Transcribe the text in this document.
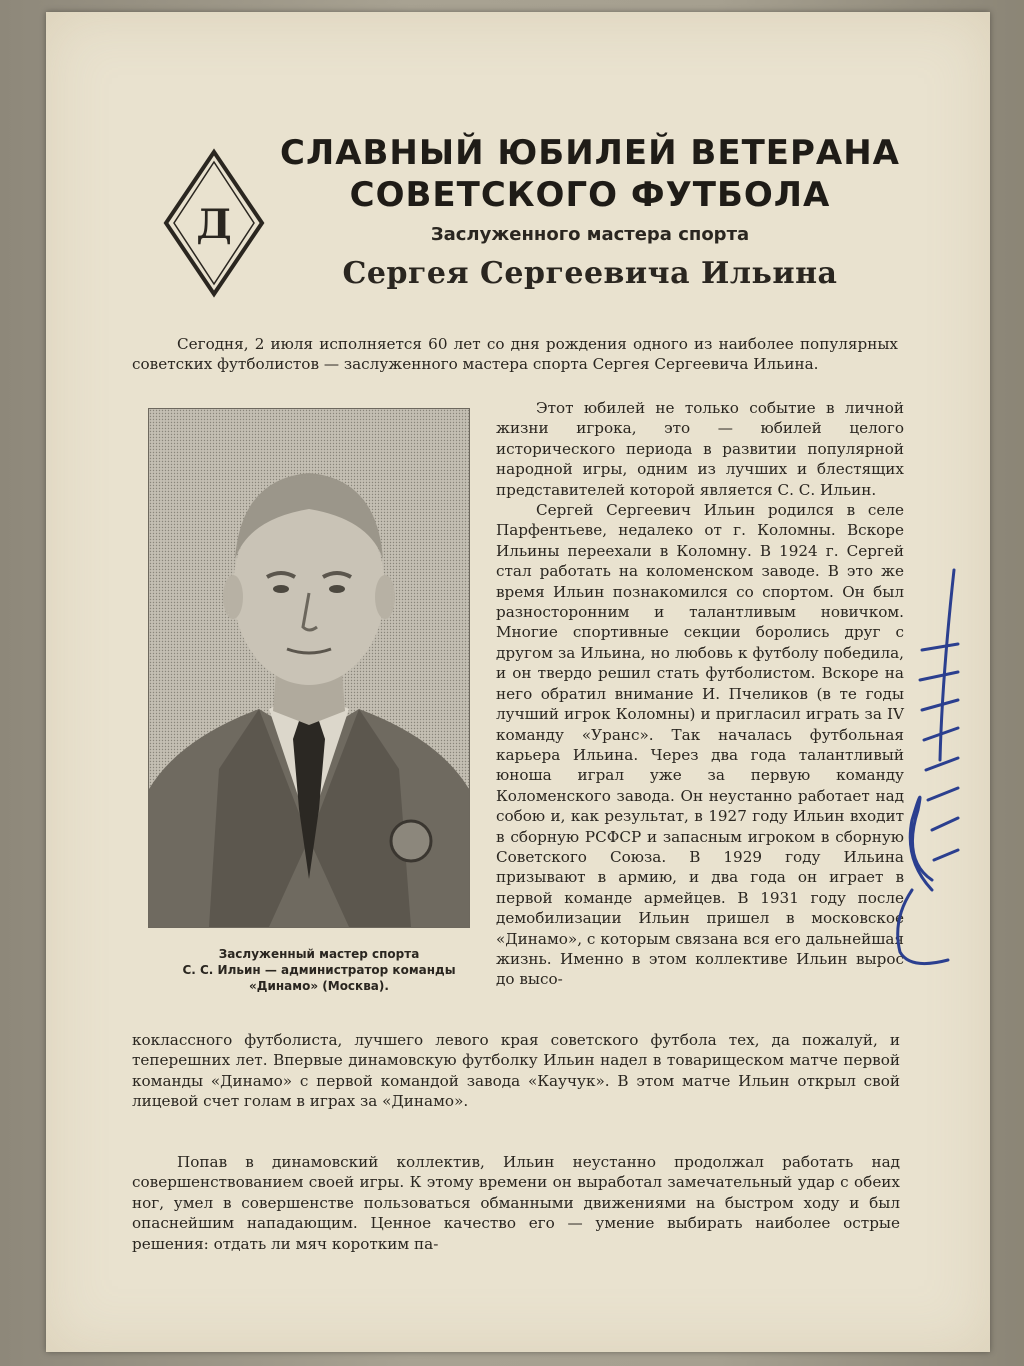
Д
СЛАВНЫЙ ЮБИЛЕЙ ВЕТЕРАНА
СОВЕТСКОГО ФУТБОЛА

Заслуженного мастера спорта

Сергея Сергеевича Ильина

Сегодня, 2 июля исполняется 60 лет со дня рождения одного из наиболее популярных советских футболистов — заслуженного мастера спорта Сергея Сергеевича Ильина.

Заслуженный мастер спорта
С. С. Ильин — администратор команды
«Динамо» (Москва).

Этот юбилей не только событие в личной жизни игрока, это — юбилей целого исторического периода в развитии популярной народной игры, одним из лучших и блестящих представителей которой является С. С. Ильин.

Сергей Сергеевич Ильин родился в селе Парфентьеве, недалеко от г. Коломны. Вскоре Ильины переехали в Коломну. В 1924 г. Сергей стал работать на коломенском заводе. В это же время Ильин познакомился со спортом. Он был разносторонним и талантливым новичком. Многие спортивные секции боролись друг с другом за Ильина, но любовь к футболу победила, и он твердо решил стать футболистом. Вскоре на него обратил внимание И. Пчеликов (в те годы лучший игрок Коломны) и пригласил играть за IV команду «Уранс». Так началась футбольная карьера Ильина. Через два года талантливый юноша играл уже за первую команду Коломенского завода. Он неустанно работает над собою и, как результат, в 1927 году Ильин входит в сборную РСФСР и запасным игроком в сборную Советского Союза. В 1929 году Ильина призывают в армию, и два года он играет в первой команде армейцев. В 1931 году после демобилизации Ильин пришел в московское «Динамо», с которым связана вся его дальнейшая жизнь. Именно в этом коллективе Ильин вырос до высо-

коклассного футболиста, лучшего левого края советского футбола тех, да пожалуй, и теперешних лет. Впервые динамовскую футболку Ильин надел в товарищеском матче первой команды «Динамо» с первой командой завода «Каучук». В этом матче Ильин открыл свой лицевой счет голам в играх за «Динамо».

Попав в динамовский коллектив, Ильин неустанно продолжал работать над совершенствованием своей игры. К этому времени он выработал замечательный удар с обеих ног, умел в совершенстве пользоваться обманными движениями на быстром ходу и был опаснейшим нападающим. Ценное качество его — умение выбирать наиболее острые решения: отдать ли мяч коротким па-
